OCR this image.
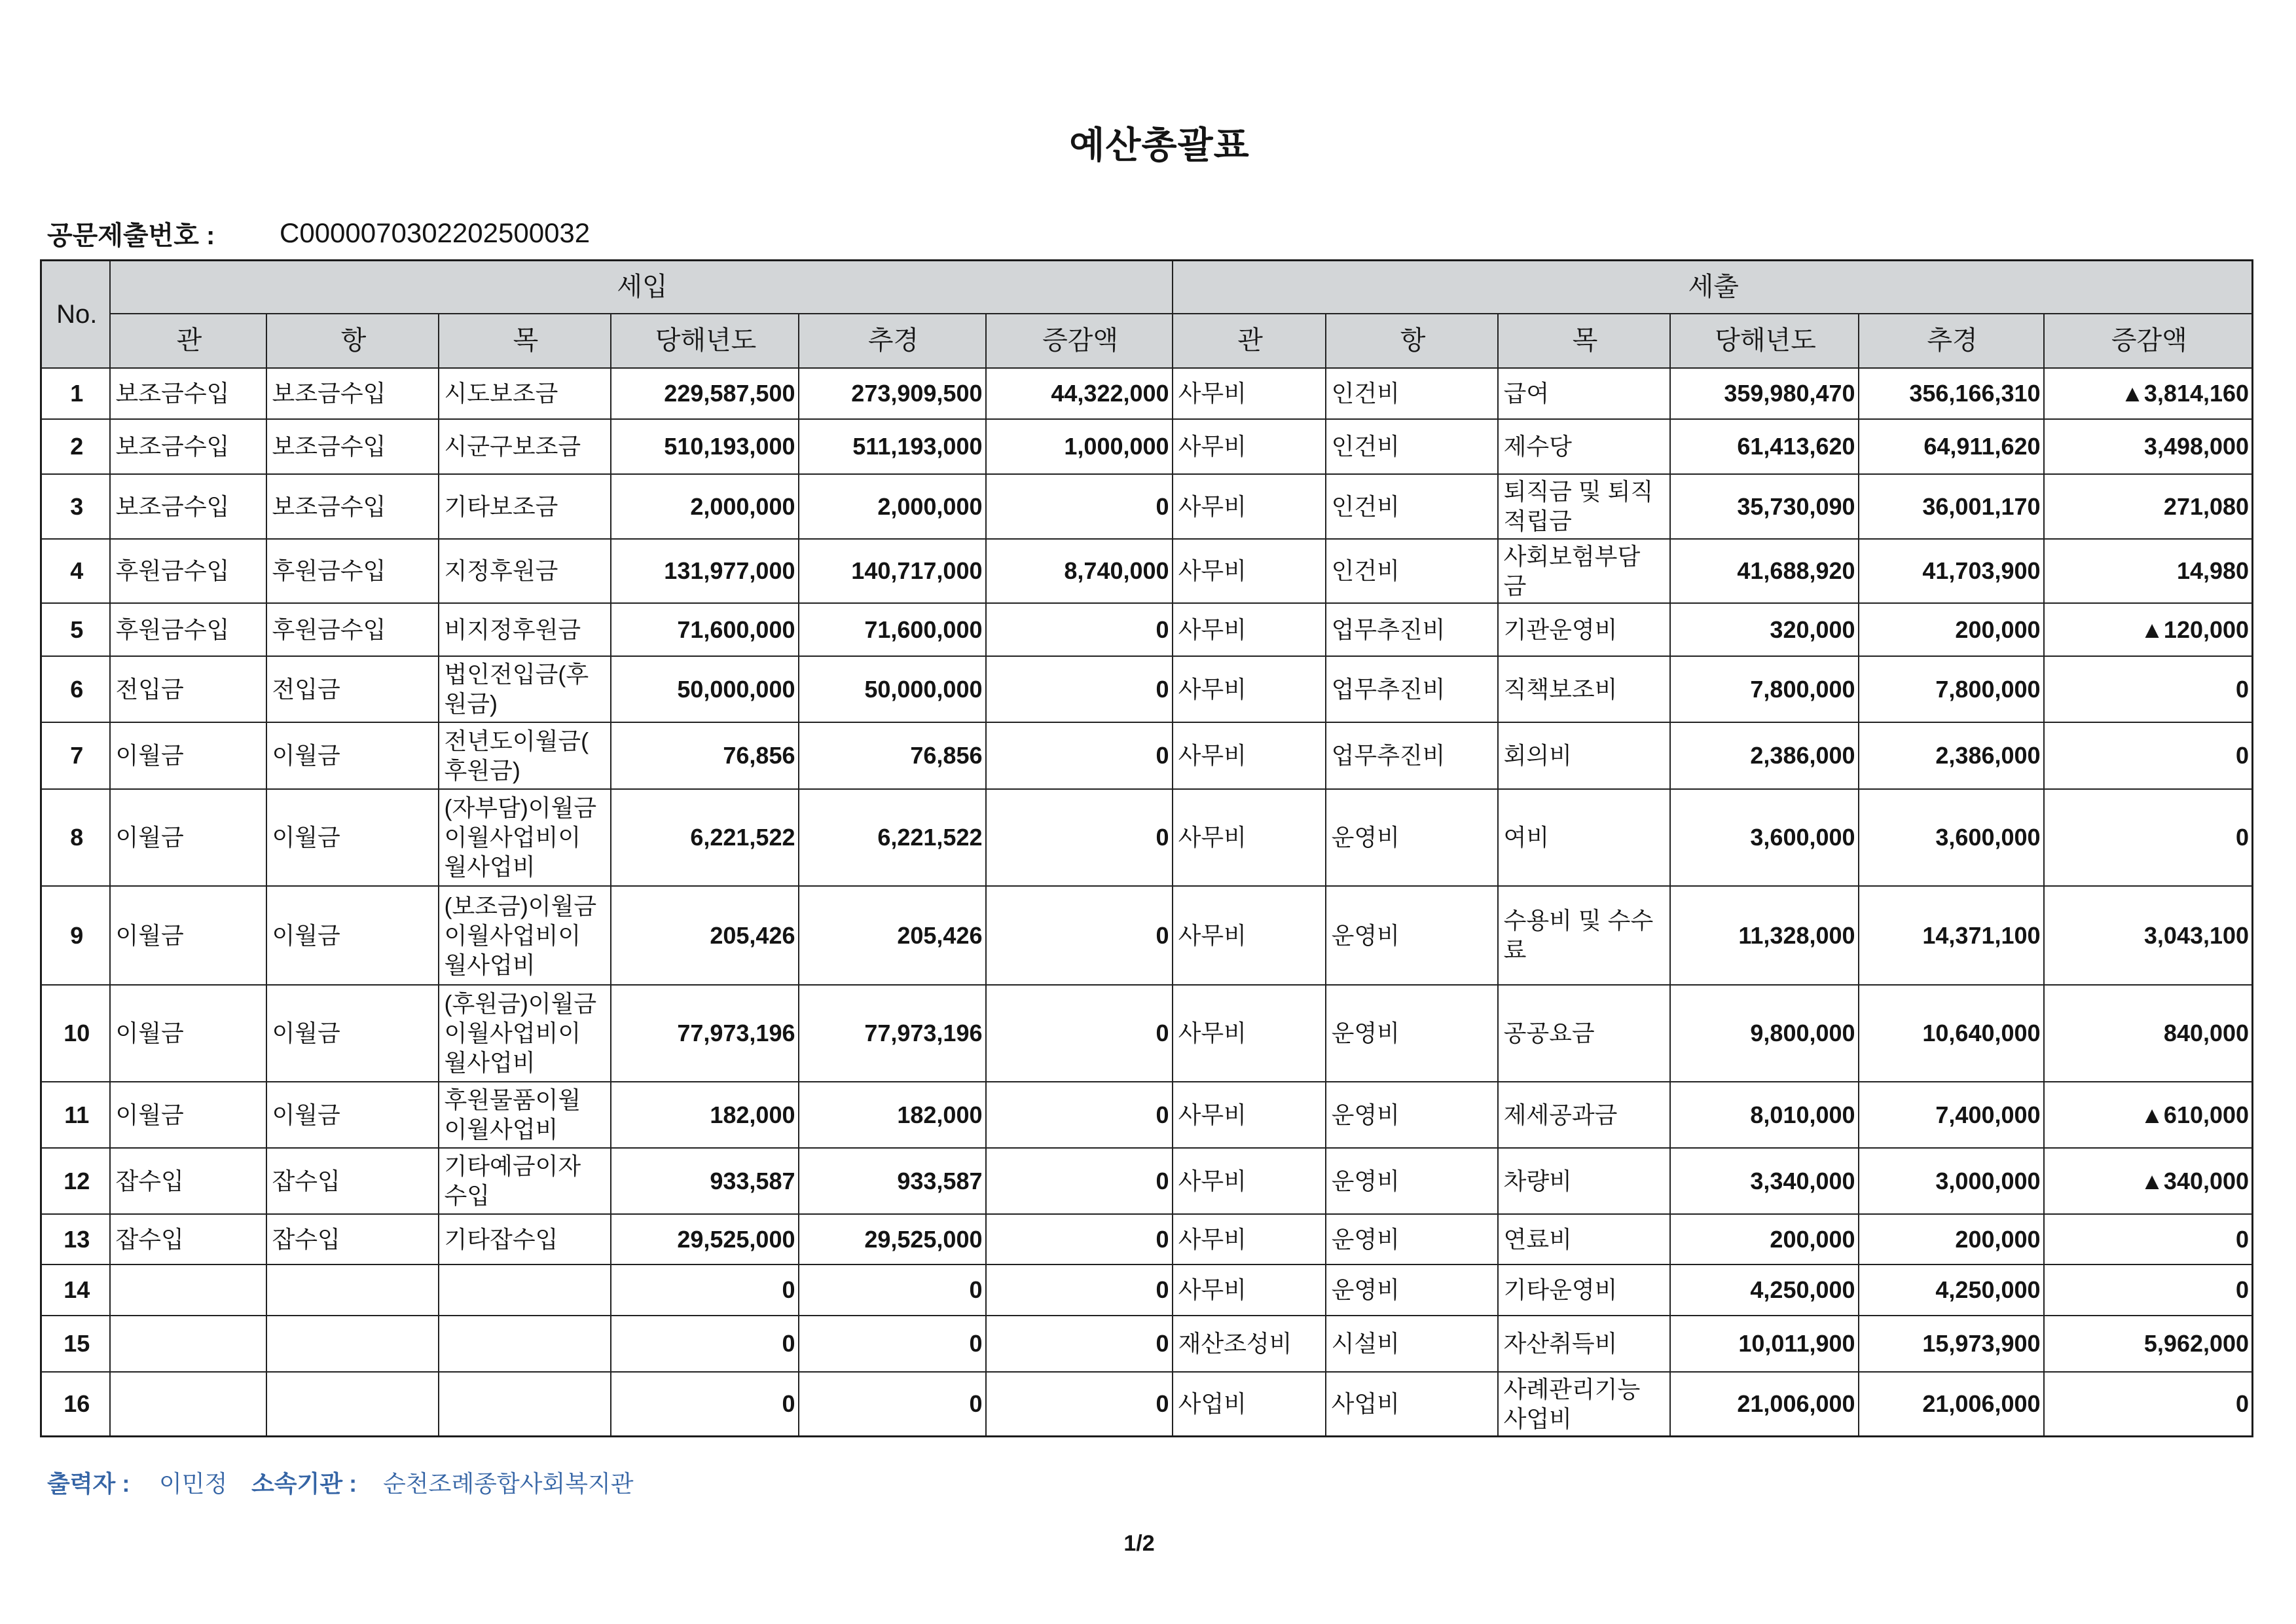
예산총괄표
공문제출번호 :	C0000070302202500032
No.	세입						세출					
	관	항	목	당해년도	추경	증감액	관	항	목	당해년도	추경	증감액
1	보조금수입	보조금수입	시도보조금	229,587,500	273,909,500	44,322,000	사무비	인건비	급여	359,980,470	356,166,310	▲3,814,160
2	보조금수입	보조금수입	시군구보조금	510,193,000	511,193,000	1,000,000	사무비	인건비	제수당	61,413,620	64,911,620	3,498,000
3	보조금수입	보조금수입	기타보조금	2,000,000	2,000,000	0	사무비	인건비	퇴직금 및 퇴직
적립금	35,730,090	36,001,170	271,080
4	후원금수입	후원금수입	지정후원금	131,977,000	140,717,000	8,740,000	사무비	인건비	사회보험부담
금	41,688,920	41,703,900	14,980
5	후원금수입	후원금수입	비지정후원금	71,600,000	71,600,000	0	사무비	업무추진비	기관운영비	320,000	200,000	▲120,000
6	전입금	전입금	법인전입금(후
원금)	50,000,000	50,000,000	0	사무비	업무추진비	직책보조비	7,800,000	7,800,000	0
7	이월금	이월금	전년도이월금(
후원금)	76,856	76,856	0	사무비	업무추진비	회의비	2,386,000	2,386,000	0
8	이월금	이월금	(자부담)이월금
이월사업비이
월사업비	6,221,522	6,221,522	0	사무비	운영비	여비	3,600,000	3,600,000	0
9	이월금	이월금	(보조금)이월금
이월사업비이
월사업비	205,426	205,426	0	사무비	운영비	수용비 및 수수
료	11,328,000	14,371,100	3,043,100
10	이월금	이월금	(후원금)이월금
이월사업비이
월사업비	77,973,196	77,973,196	0	사무비	운영비	공공요금	9,800,000	10,640,000	840,000
11	이월금	이월금	후원물품이월
이월사업비	182,000	182,000	0	사무비	운영비	제세공과금	8,010,000	7,400,000	▲610,000
12	잡수입	잡수입	기타예금이자
수입	933,587	933,587	0	사무비	운영비	차량비	3,340,000	3,000,000	▲340,000
13	잡수입	잡수입	기타잡수입	29,525,000	29,525,000	0	사무비	운영비	연료비	200,000	200,000	0
14				0	0	0	사무비	운영비	기타운영비	4,250,000	4,250,000	0
15				0	0	0	재산조성비	시설비	자산취득비	10,011,900	15,973,900	5,962,000
16				0	0	0	사업비	사업비	사례관리기능
사업비	21,006,000	21,006,000	0
출력자 : 이민정 소속기관 : 순천조례종합사회복지관
1/2
